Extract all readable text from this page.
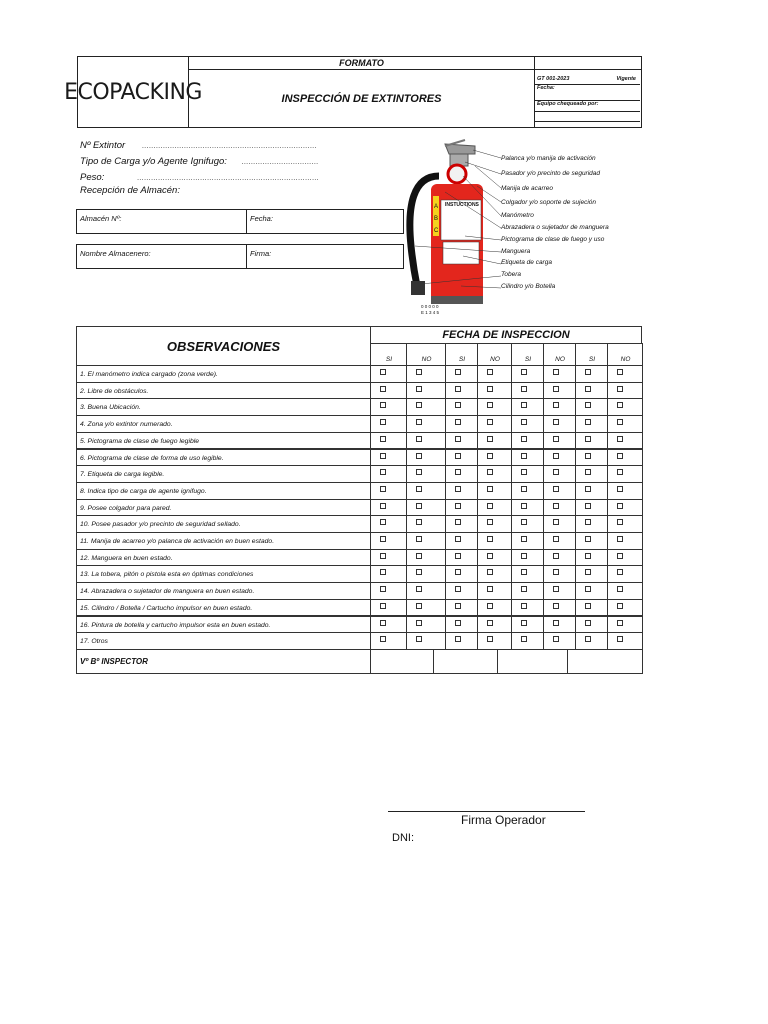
ECOPACKING
FORMATO
INSPECCIÓN DE EXTINTORES
GT 001-2023	Vigente
Fecha:
Equipo chequeado por:
Nº Extintor …………………………………………………………………
Tipo de Carga y/o Agente Ignifugo: ……………………………
Peso:	……………………………………………………………………
Recepción de Almacén:
Almacén Nº:	Fecha:
Nombre Almacenero:	Firma:
A
B
C
INSTUCTIONS
0 0 0 0 0
E 1 3 4 5
Palanca y/o manija de activación
Pasador y/o precinto de seguridad
Manija de acarreo
Colgador y/o soporte de sujeción
Manómetro
Abrazadera o sujetador de manguera
Pictograma de clase de fuego y uso
Manguera
Etiqueta de carga
Tobera
Cilindro y/o Botella
OBSERVACIONES
FECHA DE INSPECCION
SI	NO	SI	NO	SI	NO	SI	NO
1. El manómetro indica cargado (zona verde).
2. Libre de obstáculos.
3. Buena Ubicación.
4. Zona y/o extintor numerado.
5. Pictograma de clase de fuego legible
6. Pictograma de clase de forma de uso legible.
7. Etiqueta de carga legible.
8. Indica tipo de carga de agente ignifugo.
9. Posee colgador para pared.
10. Posee pasador y/o precinto de seguridad sellado.
11. Manija de acarreo y/o palanca de activación en buen estado.
12. Manguera en buen estado.
13. La tobera, pitón o pistola esta en óptimas condiciones
14. Abrazadera o sujetador de manguera en buen estado.
15. Cilindro / Botella / Cartucho impulsor en buen estado.
16. Pintura de botella y cartucho impulsor esta en buen estado.
17. Otros
Vº Bº INSPECTOR
Firma Operador
DNI:
